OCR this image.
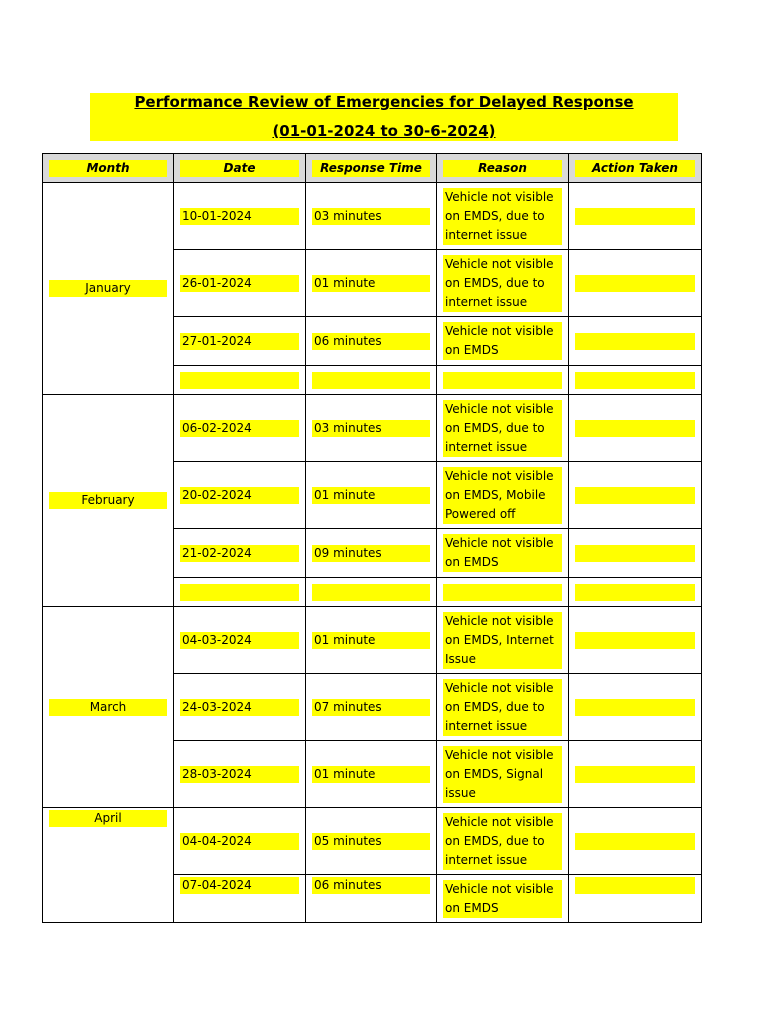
Performance Review of Emergencies for Delayed Response
(01-01-2024 to 30-6-2024)
Month	Date	Response Time	Reason	Action Taken

January	10-01-2024	03 minutes	Vehicle not visible
on EMDS, due to
internet issue	

	26-01-2024	01 minute	Vehicle not visible
on EMDS, due to
internet issue	

	27-01-2024	06 minutes	Vehicle not visible
on EMDS	

February	06-02-2024	03 minutes	Vehicle not visible
on EMDS, due to
internet issue	

	20-02-2024	01 minute	Vehicle not visible
on EMDS, Mobile
Powered off	

	21-02-2024	09 minutes	Vehicle not visible
on EMDS	

March	04-03-2024	01 minute	Vehicle not visible
on EMDS, Internet
Issue	

	24-03-2024	07 minutes	Vehicle not visible
on EMDS, due to
internet issue	

	28-03-2024	01 minute	Vehicle not visible
on EMDS, Signal
issue	

April	04-04-2024	05 minutes	Vehicle not visible
on EMDS, due to
internet issue	

	07-04-2024	06 minutes	Vehicle not visible
on EMDS	
